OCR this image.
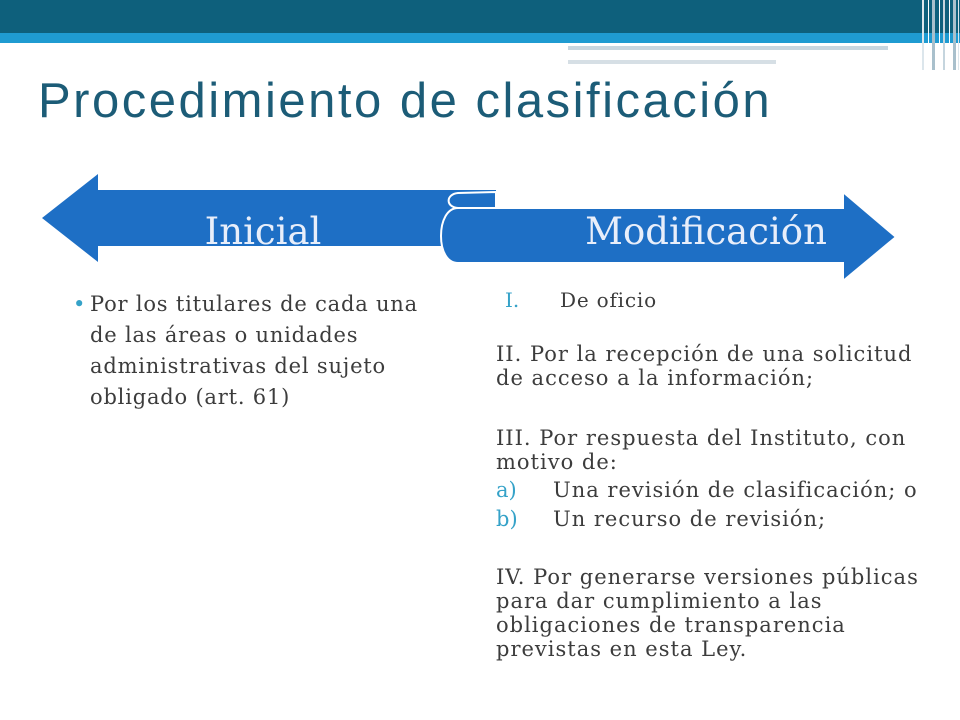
Procedimiento de clasificación
Inicial	Modificación
• Por los titulares de cada una
de las áreas o unidades
administrativas del sujeto
obligado (art. 61)
I. De oficio
II. Por la recepción de una solicitud
de acceso a la información;
III. Por respuesta del Instituto, con
motivo de:
a) Una revisión de clasificación; o
b) Un recurso de revisión;
IV. Por generarse versiones públicas
para dar cumplimiento a las
obligaciones de transparencia
previstas en esta Ley.
